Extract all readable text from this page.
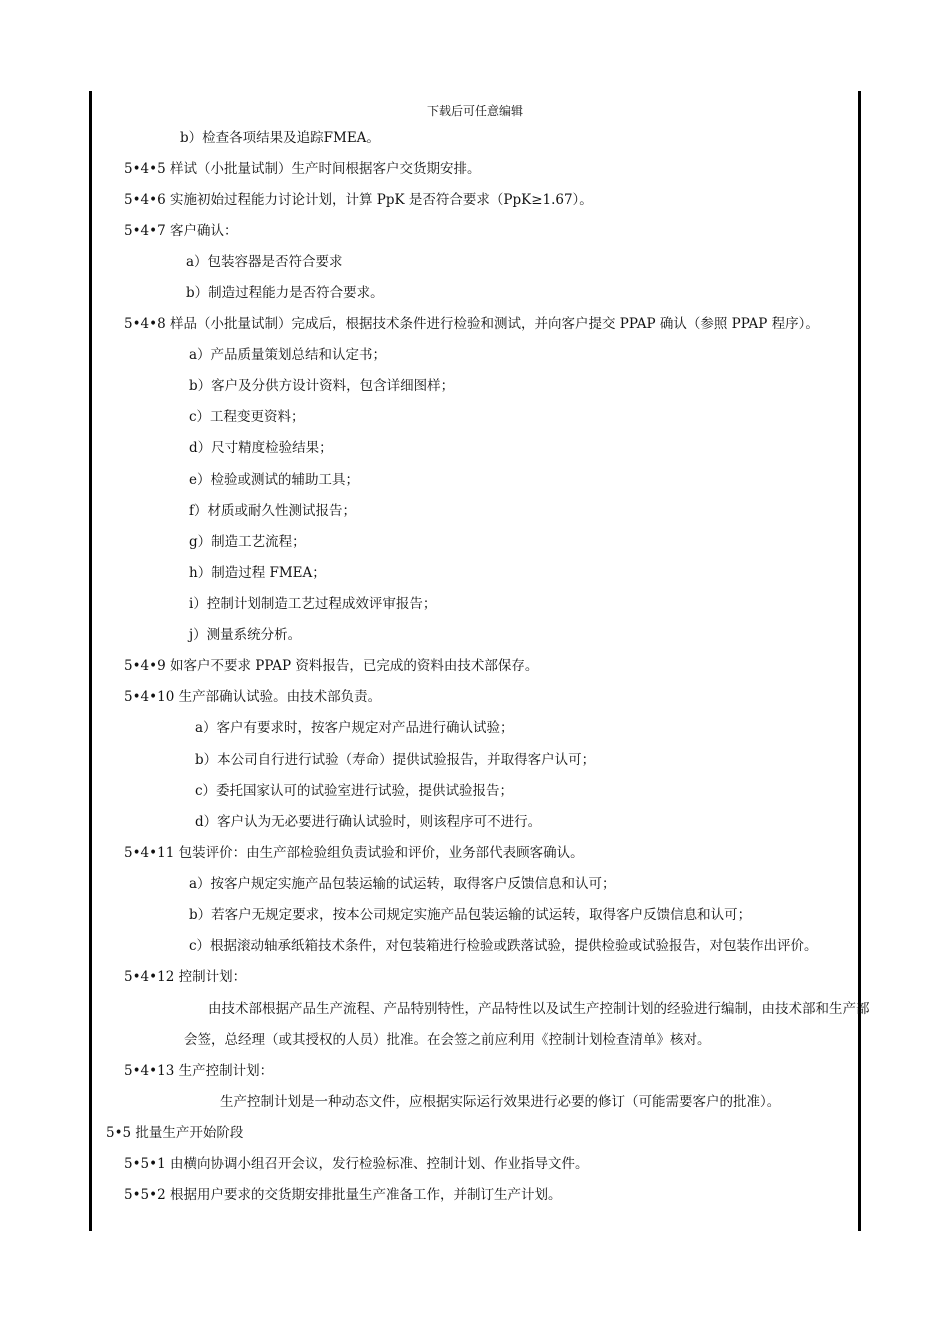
下载后可任意编辑
b）检查各项结果及追踪FMEA。
5•4•5 样试（小批量试制）生产时间根据客户交货期安排。
5•4•6 实施初始过程能力讨论计划，计算 PpK 是否符合要求（PpK≥1.67）。
5•4•7 客户确认：
a）包装容器是否符合要求
b）制造过程能力是否符合要求。
5•4•8 样品（小批量试制）完成后，根据技术条件进行检验和测试，并向客户提交 PPAP 确认（参照 PPAP 程序）。
a）产品质量策划总结和认定书；
b）客户及分供方设计资料，包含详细图样；
c）工程变更资料；
d）尺寸精度检验结果；
e）检验或测试的辅助工具；
f）材质或耐久性测试报告；
g）制造工艺流程；
h）制造过程 FMEA；
i）控制计划制造工艺过程成效评审报告；
j）测量系统分析。
5•4•9 如客户不要求 PPAP 资料报告，已完成的资料由技术部保存。
5•4•10 生产部确认试验。由技术部负责。
a）客户有要求时，按客户规定对产品进行确认试验；
b）本公司自行进行试验（寿命）提供试验报告，并取得客户认可；
c）委托国家认可的试验室进行试验，提供试验报告；
d）客户认为无必要进行确认试验时，则该程序可不进行。
5•4•11 包装评价：由生产部检验组负责试验和评价，业务部代表顾客确认。
a）按客户规定实施产品包装运输的试运转，取得客户反馈信息和认可；
b）若客户无规定要求，按本公司规定实施产品包装运输的试运转，取得客户反馈信息和认可；
c）根据滚动轴承纸箱技术条件，对包装箱进行检验或跌落试验，提供检验或试验报告，对包装作出评价。
5•4•12 控制计划：
由技术部根据产品生产流程、产品特别特性，产品特性以及试生产控制计划的经验进行编制，由技术部和生产部
会签，总经理（或其授权的人员）批准。在会签之前应利用《控制计划检查清单》核对。
5•4•13 生产控制计划：
生产控制计划是一种动态文件，应根据实际运行效果进行必要的修订（可能需要客户的批准）。
5•5 批量生产开始阶段
5•5•1 由横向协调小组召开会议，发行检验标准、控制计划、作业指导文件。
5•5•2 根据用户要求的交货期安排批量生产准备工作，并制订生产计划。
